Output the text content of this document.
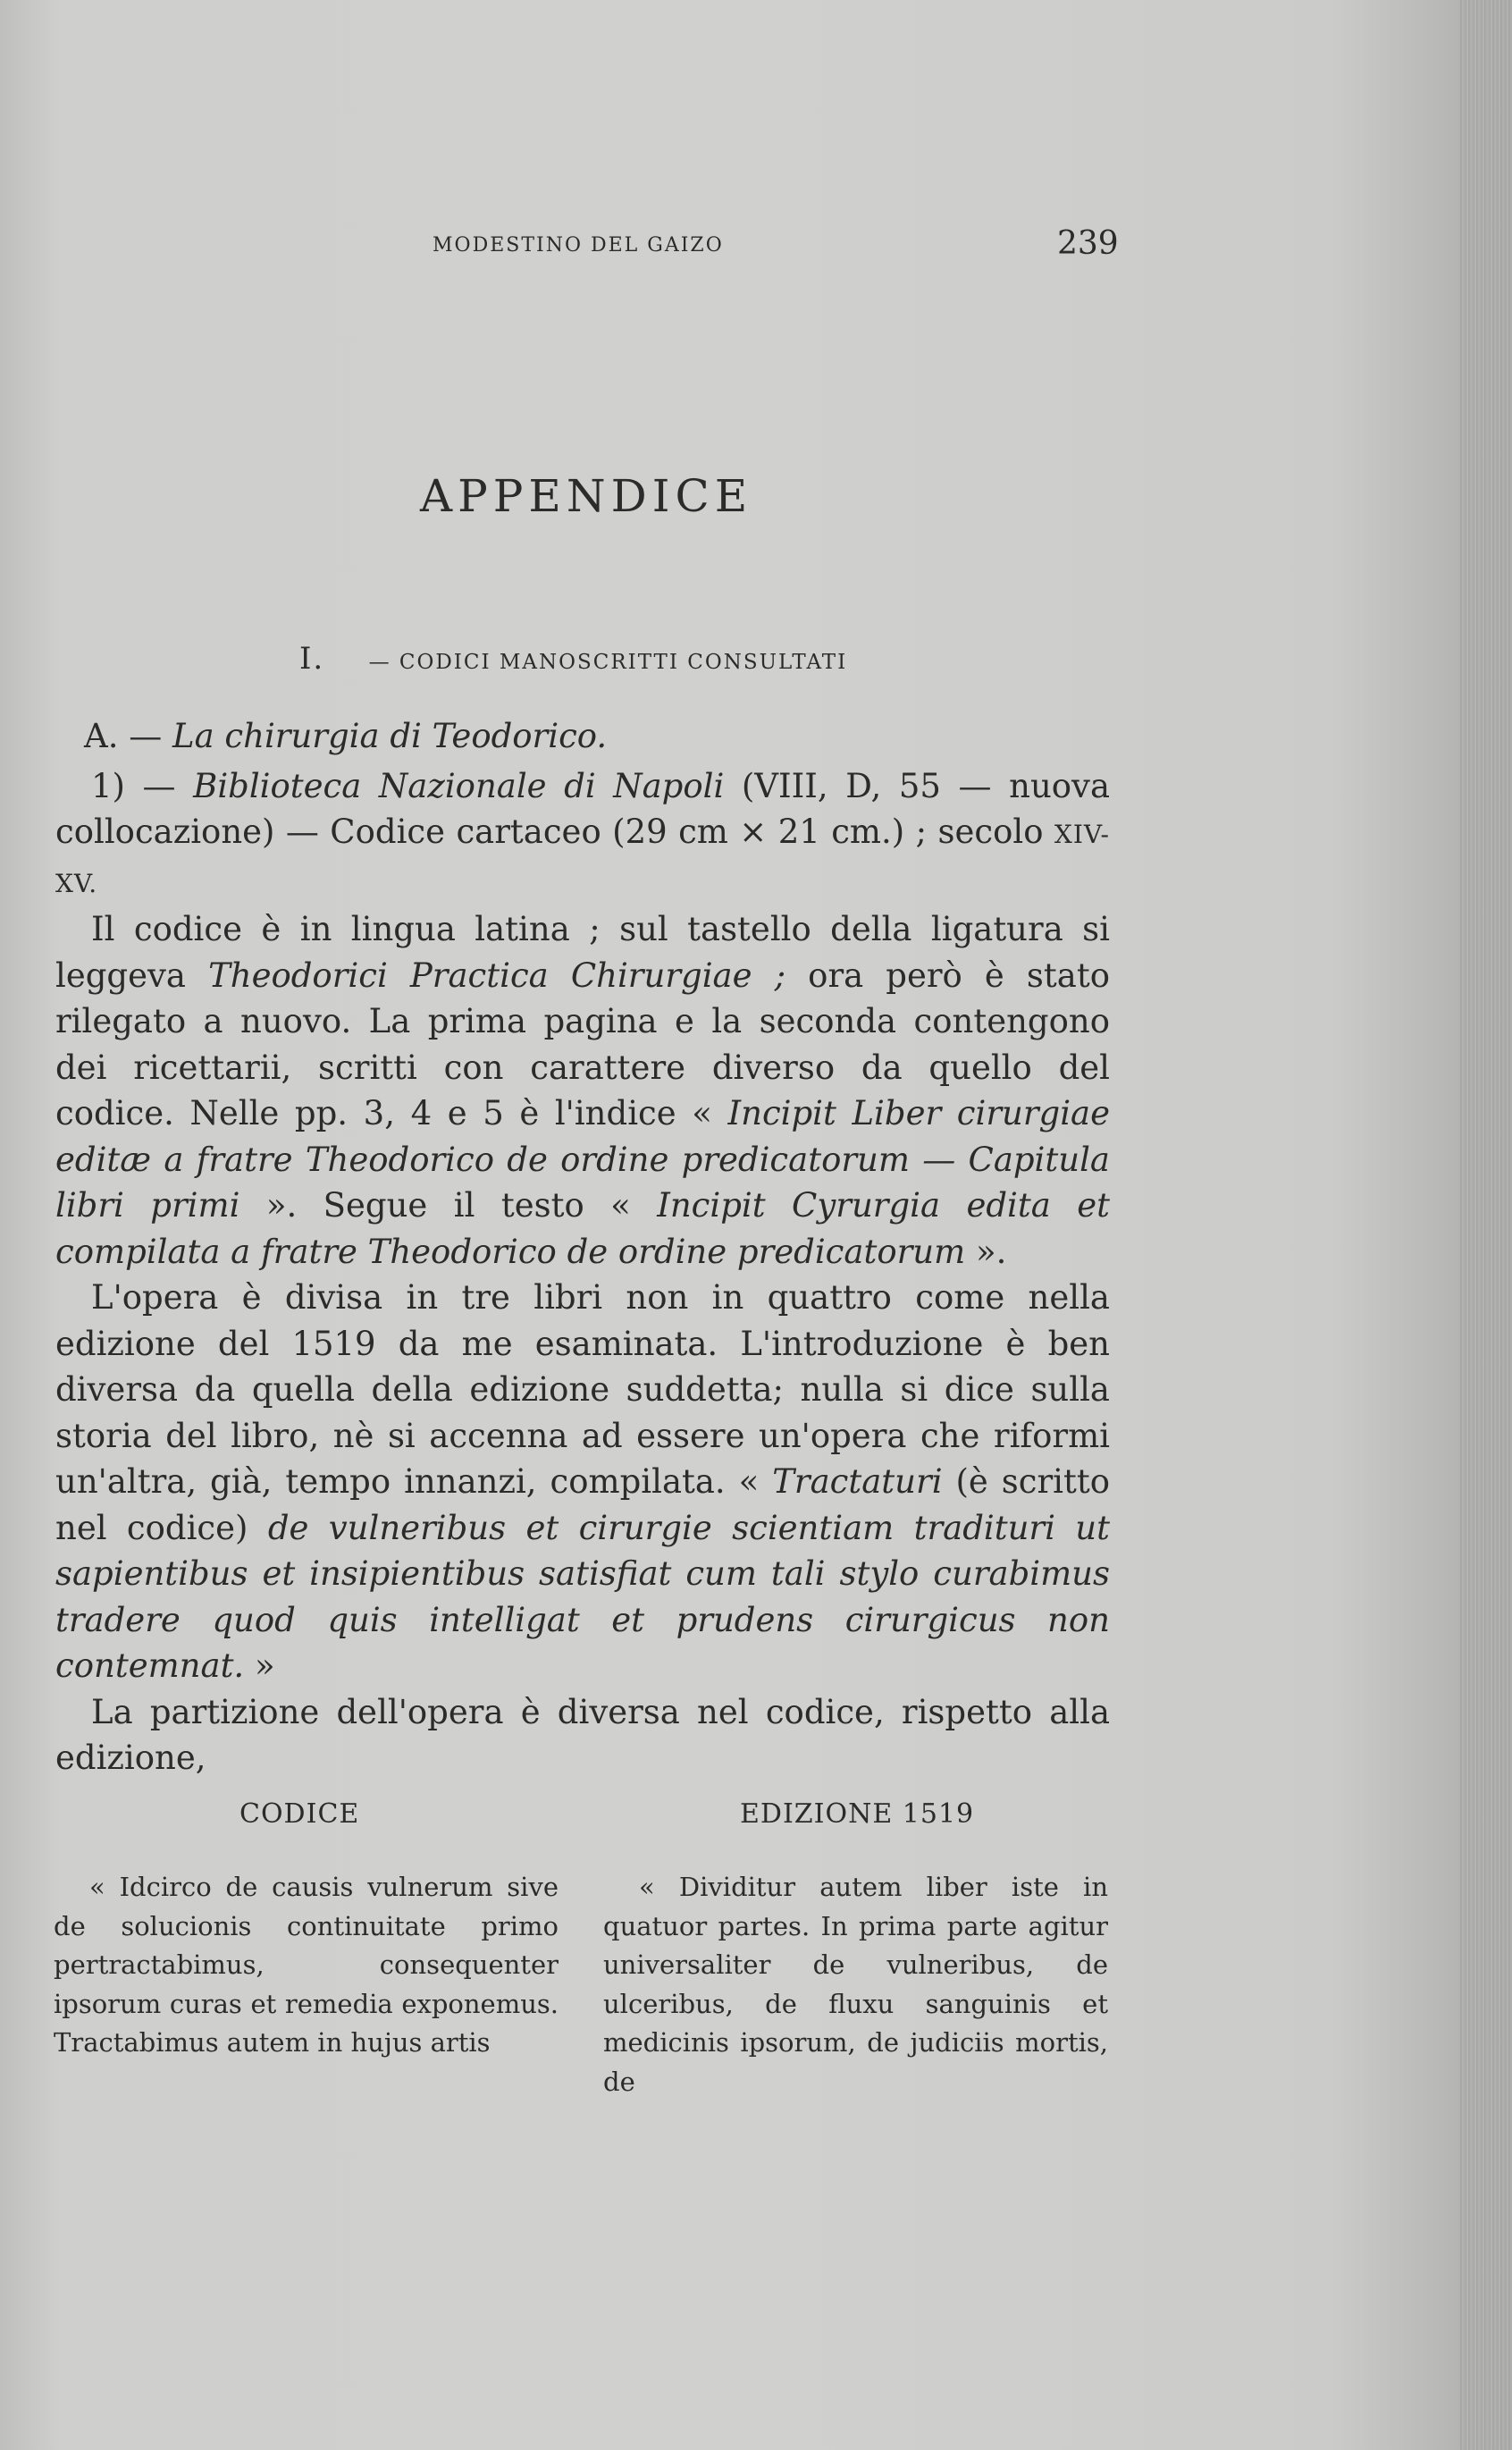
MODESTINO DEL GAIZO	239
APPENDICE
I. — CODICI MANOSCRITTI CONSULTATI

A. — La chirurgia di Teodorico.

1) — Biblioteca Nazionale di Napoli (VIII, D, 55 — nuova collocazione) — Codice cartaceo (29 cm × 21 cm.) ; secolo XIV-XV.

Il codice è in lingua latina ; sul tastello della ligatura si leggeva Theodorici Practica Chirurgiae ; ora però è stato rilegato a nuovo. La prima pagina e la seconda contengono dei ricettarii, scritti con carattere diverso da quello del codice. Nelle pp. 3, 4 e 5 è l'indice « Incipit Liber cirurgiae editæ a fratre Theodorico de ordine predicatorum — Capitula libri primi ». Segue il testo « Incipit Cyrurgia edita et compilata a fratre Theodorico de ordine predicatorum ».

L'opera è divisa in tre libri non in quattro come nella edizione del 1519 da me esaminata. L'introduzione è ben diversa da quella della edizione suddetta; nulla si dice sulla storia del libro, nè si accenna ad essere un'opera che riformi un'altra, già, tempo innanzi, compilata. « Tractaturi (è scritto nel codice) de vulneribus et cirurgie scientiam tradituri ut sapientibus et insipientibus satisfiat cum tali stylo curabimus tradere quod quis intelligat et prudens cirurgicus non contemnat. »

La partizione dell'opera è diversa nel codice, rispetto alla edizione,

CODICE	EDIZIONE 1519

« Idcirco de causis vulnerum sive de solucionis continuitate primo pertractabimus, consequenter ipsorum curas et remedia exponemus. Tractabimus autem in hujus artis

« Dividitur autem liber iste in quatuor partes. In prima parte agitur universaliter de vulneribus, de ulceribus, de fluxu sanguinis et medicinis ipsorum, de judiciis mortis, de
